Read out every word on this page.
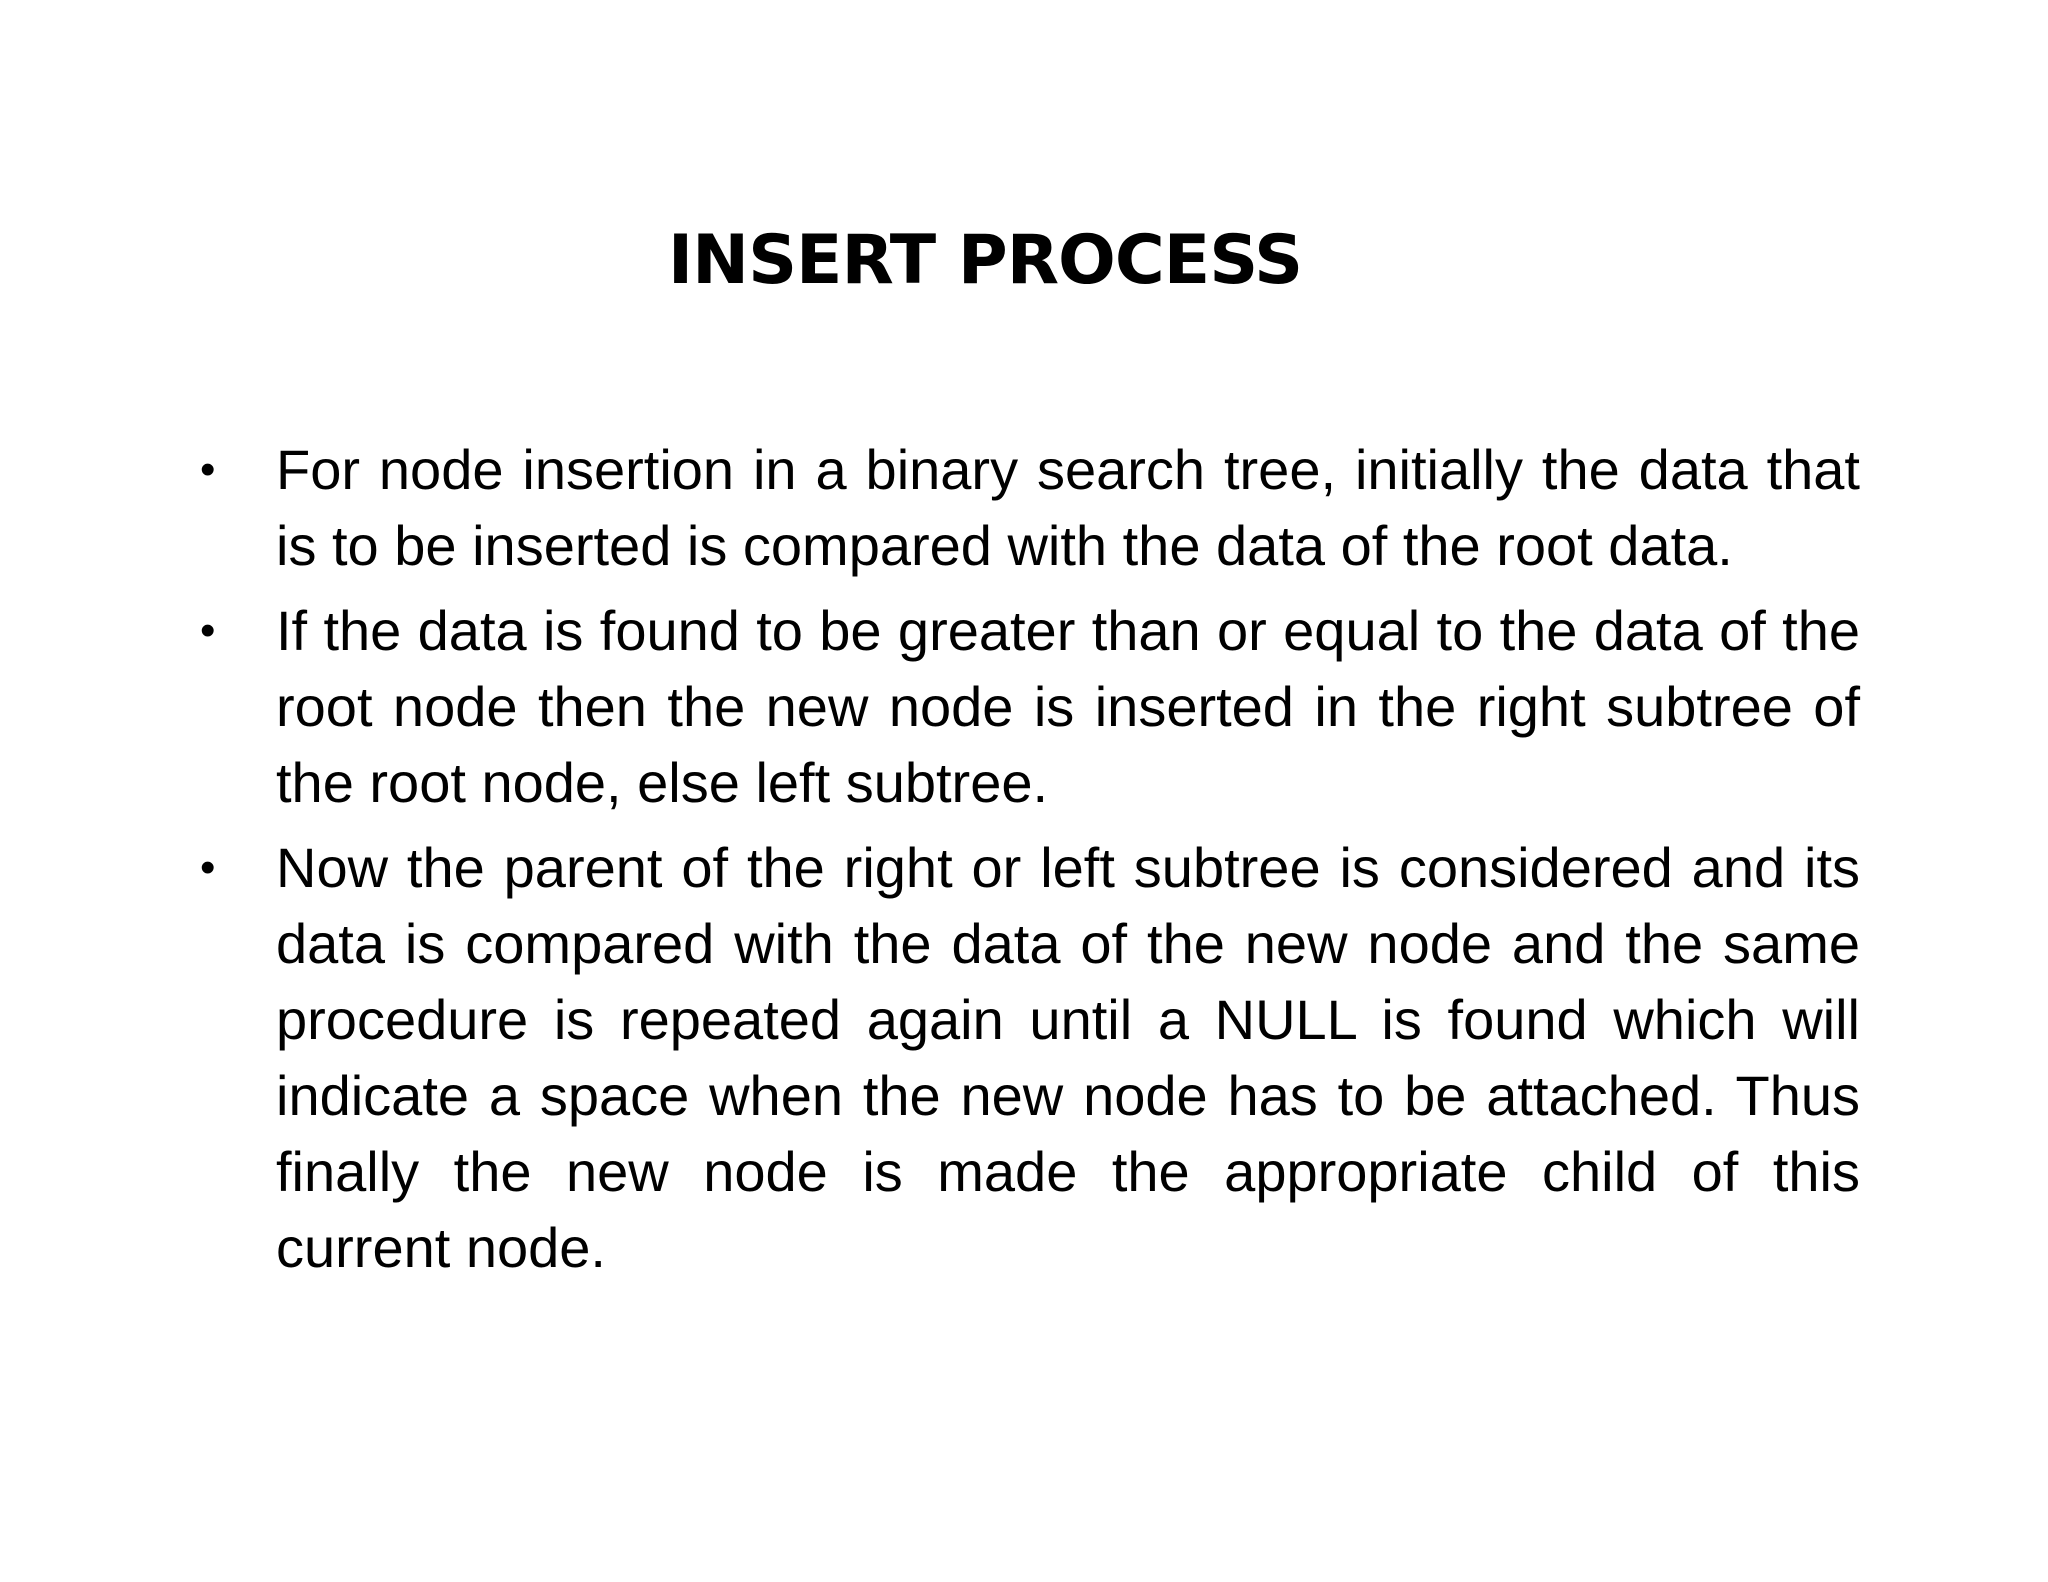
INSERT PROCESS
•	For node insertion in a binary search tree, initially the data that is to be inserted is compared with the data of the root data.
•	If the data is found to be greater than or equal to the data of the root node then the new node is inserted in the right subtree of the root node, else left subtree.
•	Now the parent of the right or left subtree is considered and its data is compared with the data of the new node and the same procedure is repeated again until a NULL is found which will indicate a space when the new node has to be attached. Thus finally the new node is made the appropriate child of this current node.
